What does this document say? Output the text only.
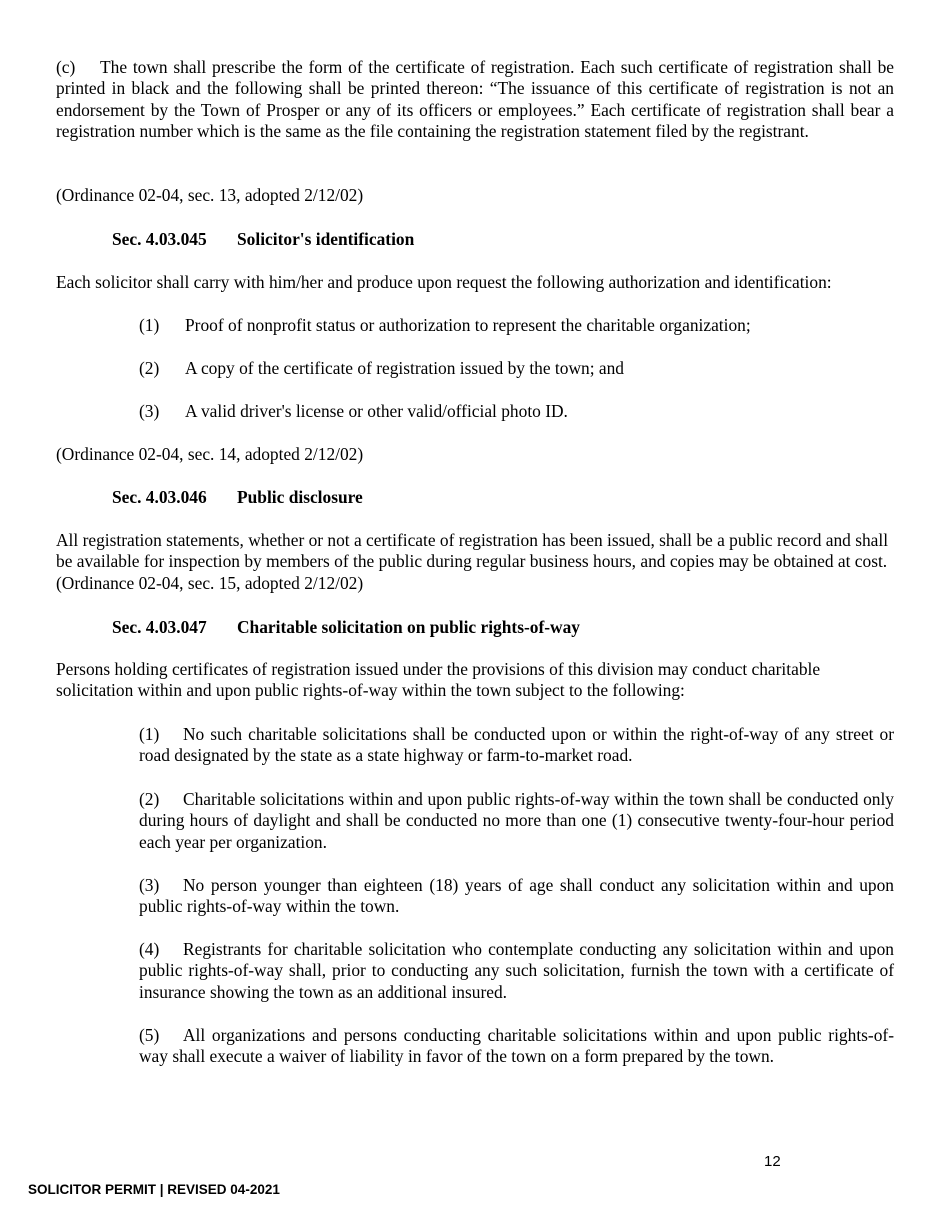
(c) The town shall prescribe the form of the certificate of registration. Each such certificate of registration shall be printed in black and the following shall be printed thereon: “The issuance of this certificate of registration is not an endorsement by the Town of Prosper or any of its officers or employees.” Each certificate of registration shall bear a registration number which is the same as the file containing the registration statement filed by the registrant.
(Ordinance 02-04, sec. 13, adopted 2/12/02)
Sec. 4.03.045 Solicitor's identification
Each solicitor shall carry with him/her and produce upon request the following authorization and identification:
(1) Proof of nonprofit status or authorization to represent the charitable organization;
(2) A copy of the certificate of registration issued by the town; and
(3) A valid driver's license or other valid/official photo ID.
(Ordinance 02-04, sec. 14, adopted 2/12/02)
Sec. 4.03.046 Public disclosure
All registration statements, whether or not a certificate of registration has been issued, shall be a public record and shall be available for inspection by members of the public during regular business hours, and copies may be obtained at cost. (Ordinance 02-04, sec. 15, adopted 2/12/02)
Sec. 4.03.047 Charitable solicitation on public rights-of-way
Persons holding certificates of registration issued under the provisions of this division may conduct charitable solicitation within and upon public rights-of-way within the town subject to the following:
(1) No such charitable solicitations shall be conducted upon or within the right-of-way of any street or road designated by the state as a state highway or farm-to-market road.
(2) Charitable solicitations within and upon public rights-of-way within the town shall be conducted only during hours of daylight and shall be conducted no more than one (1) consecutive twenty-four-hour period each year per organization.
(3) No person younger than eighteen (18) years of age shall conduct any solicitation within and upon public rights-of-way within the town.
(4) Registrants for charitable solicitation who contemplate conducting any solicitation within and upon public rights-of-way shall, prior to conducting any such solicitation, furnish the town with a certificate of insurance showing the town as an additional insured.
(5) All organizations and persons conducting charitable solicitations within and upon public rights-of-way shall execute a waiver of liability in favor of the town on a form prepared by the town.
12
SOLICITOR PERMIT | REVISED 04-2021
